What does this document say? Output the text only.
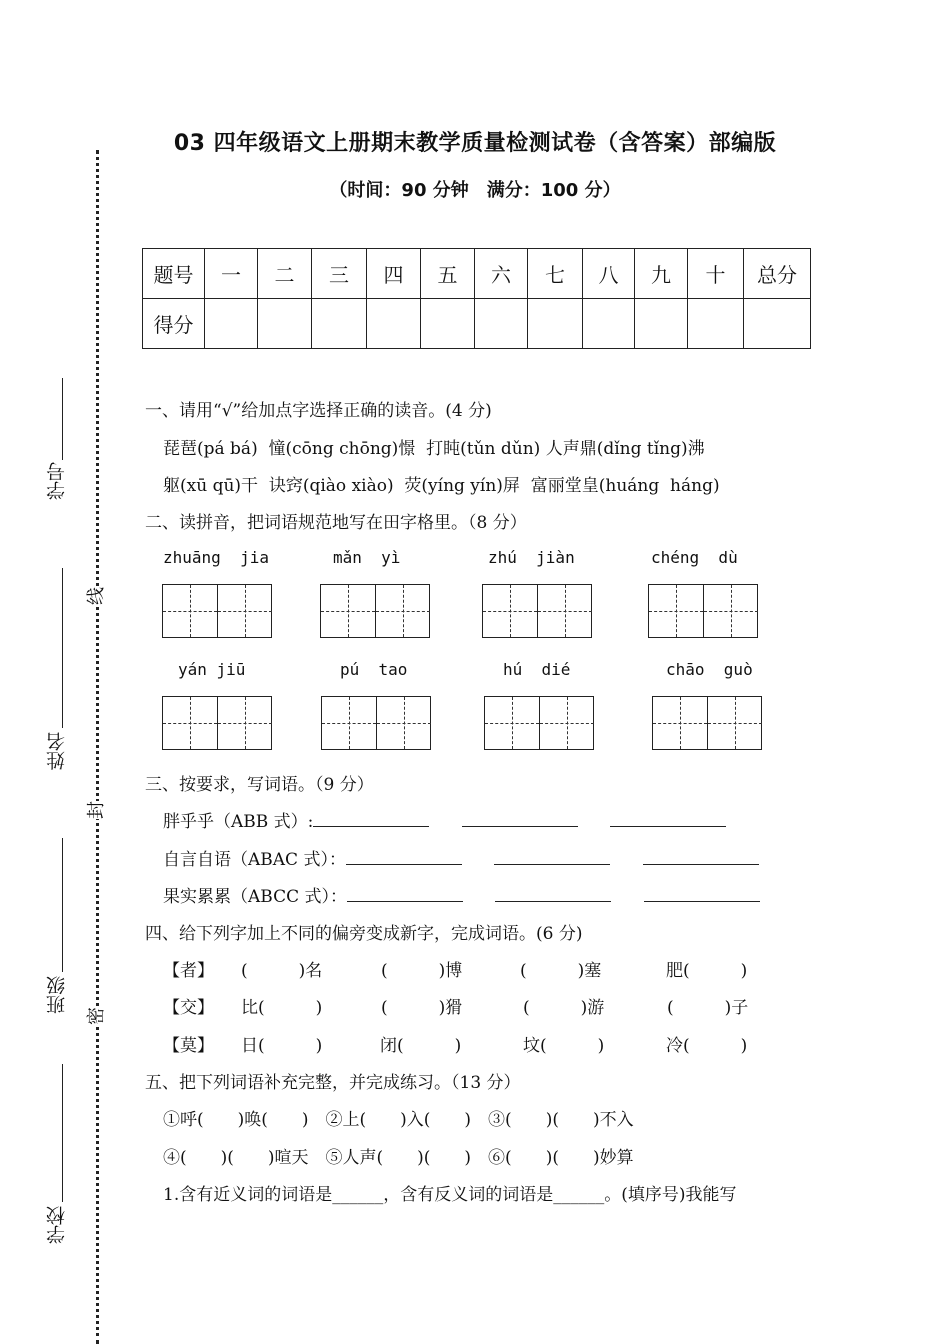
学号
姓名
班级
学校
线
封
密
03 四年级语文上册期末教学质量检测试卷（含答案）部编版
（时间：90 分钟　满分：100 分）
题号	一	二	三	四	五	六	七	八	九	十	总分
得分											
一、请用“√”给加点字选择正确的读音。(4 分)
琵琶(pá bá)  憧(cōng chōng)憬  打盹(tǔn dǔn) 人声鼎(dǐng tǐng)沸
躯(xū qū)干  诀窍(qiào xiào)  荧(yíng yín)屏  富丽堂皇(huáng  háng)
二、读拼音，把词语规范地写在田字格里。（8 分）
zhuāng  jia	mǎn  yì	zhú  jiàn	chéng  dù
yán jiū	pú  tao	hú  dié	chāo  guò
三、按要求，写词语。（9 分）
胖乎乎（ABB 式）:
自言自语（ABAC 式）：
果实累累（ABCC 式）：
四、给下列字加上不同的偏旁变成新字，完成词语。(6 分)
【者】 (　　　)名	(　　　)博	(　　　)塞	肥(　　　)
【交】 比(　　　)	(　　　)猾	(　　　)游	(　　　)子
【莫】 日(　　　)	闭(　　　)	坟(　　　)	冷(　　　)
五、把下列词语补充完整，并完成练习。（13 分）
①呼(　　)唤(　　)　②上(　　)入(　　)　③(　　)(　　)不入
④(　　)(　　)喧天　⑤人声(　　)(　　)　⑥(　　)(　　)妙算
1.含有近义词的词语是______，含有反义词的词语是______。(填序号)我能写
